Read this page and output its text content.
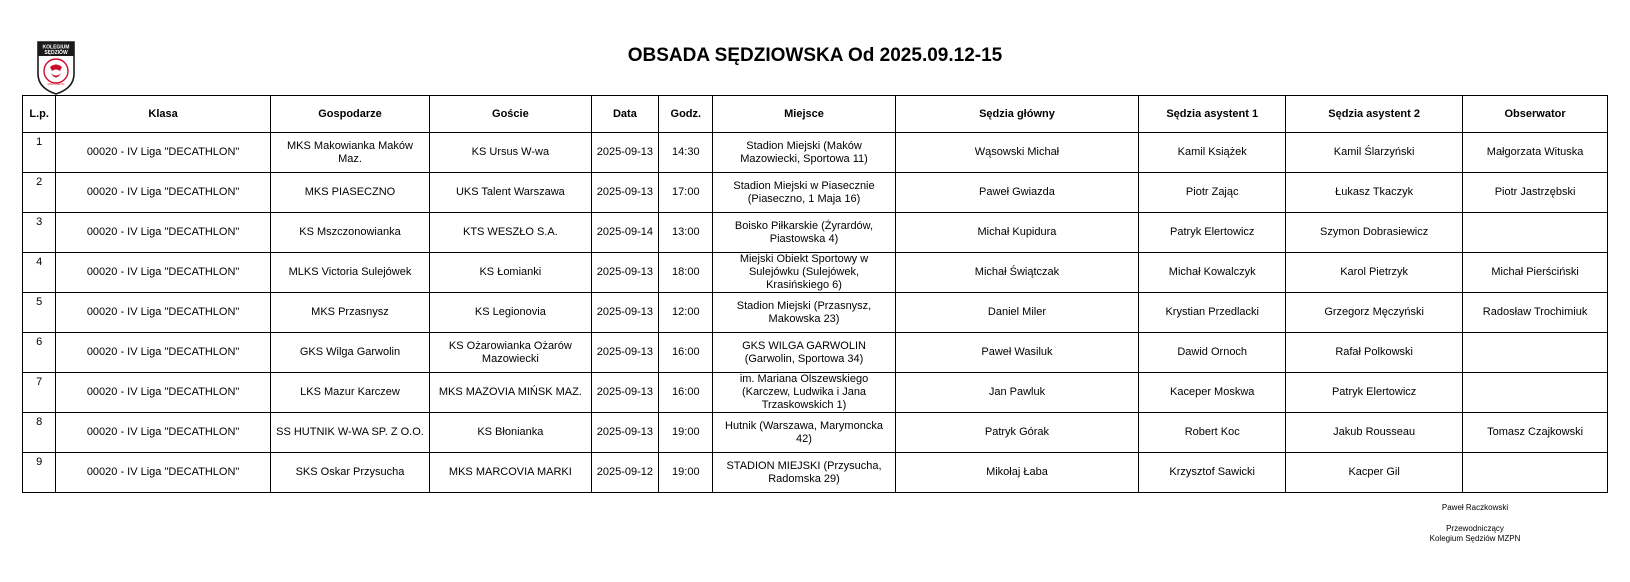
KOLEGIUM
SĘDZIÓW
MAZOWIECKI
OBSADA SĘDZIOWSKA Od 2025.09.12-15
L.p.	Klasa	Gospodarze	Goście	Data	Godz.	Miejsce	Sędzia główny	Sędzia asystent 1	Sędzia asystent 2	Obserwator
1	00020 - IV Liga "DECATHLON"	MKS Makowianka Maków Maz.	KS Ursus W-wa	2025-09-13	14:30	Stadion Miejski (Maków Mazowiecki, Sportowa 11)	Wąsowski Michał	Kamil Książek	Kamil Ślarzyński	Małgorzata Wituska
2	00020 - IV Liga "DECATHLON"	MKS PIASECZNO	UKS Talent Warszawa	2025-09-13	17:00	Stadion Miejski w Piasecznie (Piaseczno, 1 Maja 16)	Paweł Gwiazda	Piotr Zając	Łukasz Tkaczyk	Piotr Jastrzębski
3	00020 - IV Liga "DECATHLON"	KS Mszczonowianka	KTS WESZŁO S.A.	2025-09-14	13:00	Boisko Piłkarskie (Żyrardów, Piastowska 4)	Michał Kupidura	Patryk Elertowicz	Szymon Dobrasiewicz	
4	00020 - IV Liga "DECATHLON"	MLKS Victoria Sulejówek	KS Łomianki	2025-09-13	18:00	Miejski Obiekt Sportowy w Sulejówku (Sulejówek, Krasińskiego 6)	Michał Świątczak	Michał Kowalczyk	Karol Pietrzyk	Michał Pierściński
5	00020 - IV Liga "DECATHLON"	MKS Przasnysz	KS Legionovia	2025-09-13	12:00	Stadion Miejski (Przasnysz, Makowska 23)	Daniel Miler	Krystian Przedlacki	Grzegorz Męczyński	Radosław Trochimiuk
6	00020 - IV Liga "DECATHLON"	GKS Wilga Garwolin	KS Ożarowianka Ożarów Mazowiecki	2025-09-13	16:00	GKS WILGA GARWOLIN (Garwolin, Sportowa 34)	Paweł Wasiluk	Dawid Ornoch	Rafał Polkowski	
7	00020 - IV Liga "DECATHLON"	LKS Mazur Karczew	MKS MAZOVIA MIŃSK MAZ.	2025-09-13	16:00	im. Mariana Olszewskiego (Karczew, Ludwika i Jana Trzaskowskich 1)	Jan Pawluk	Kaceper Moskwa	Patryk Elertowicz	
8	00020 - IV Liga "DECATHLON"	SS HUTNIK W-WA SP. Z O.O.	KS Błonianka	2025-09-13	19:00	Hutnik (Warszawa, Marymoncka 42)	Patryk Górak	Robert Koc	Jakub Rousseau	Tomasz Czajkowski
9	00020 - IV Liga "DECATHLON"	SKS Oskar Przysucha	MKS MARCOVIA MARKI	2025-09-12	19:00	STADION MIEJSKI (Przysucha, Radomska 29)	Mikołaj Łaba	Krzysztof Sawicki	Kacper Gil	
Paweł Raczkowski
Przewodniczący
Kolegium Sędziów MZPN
